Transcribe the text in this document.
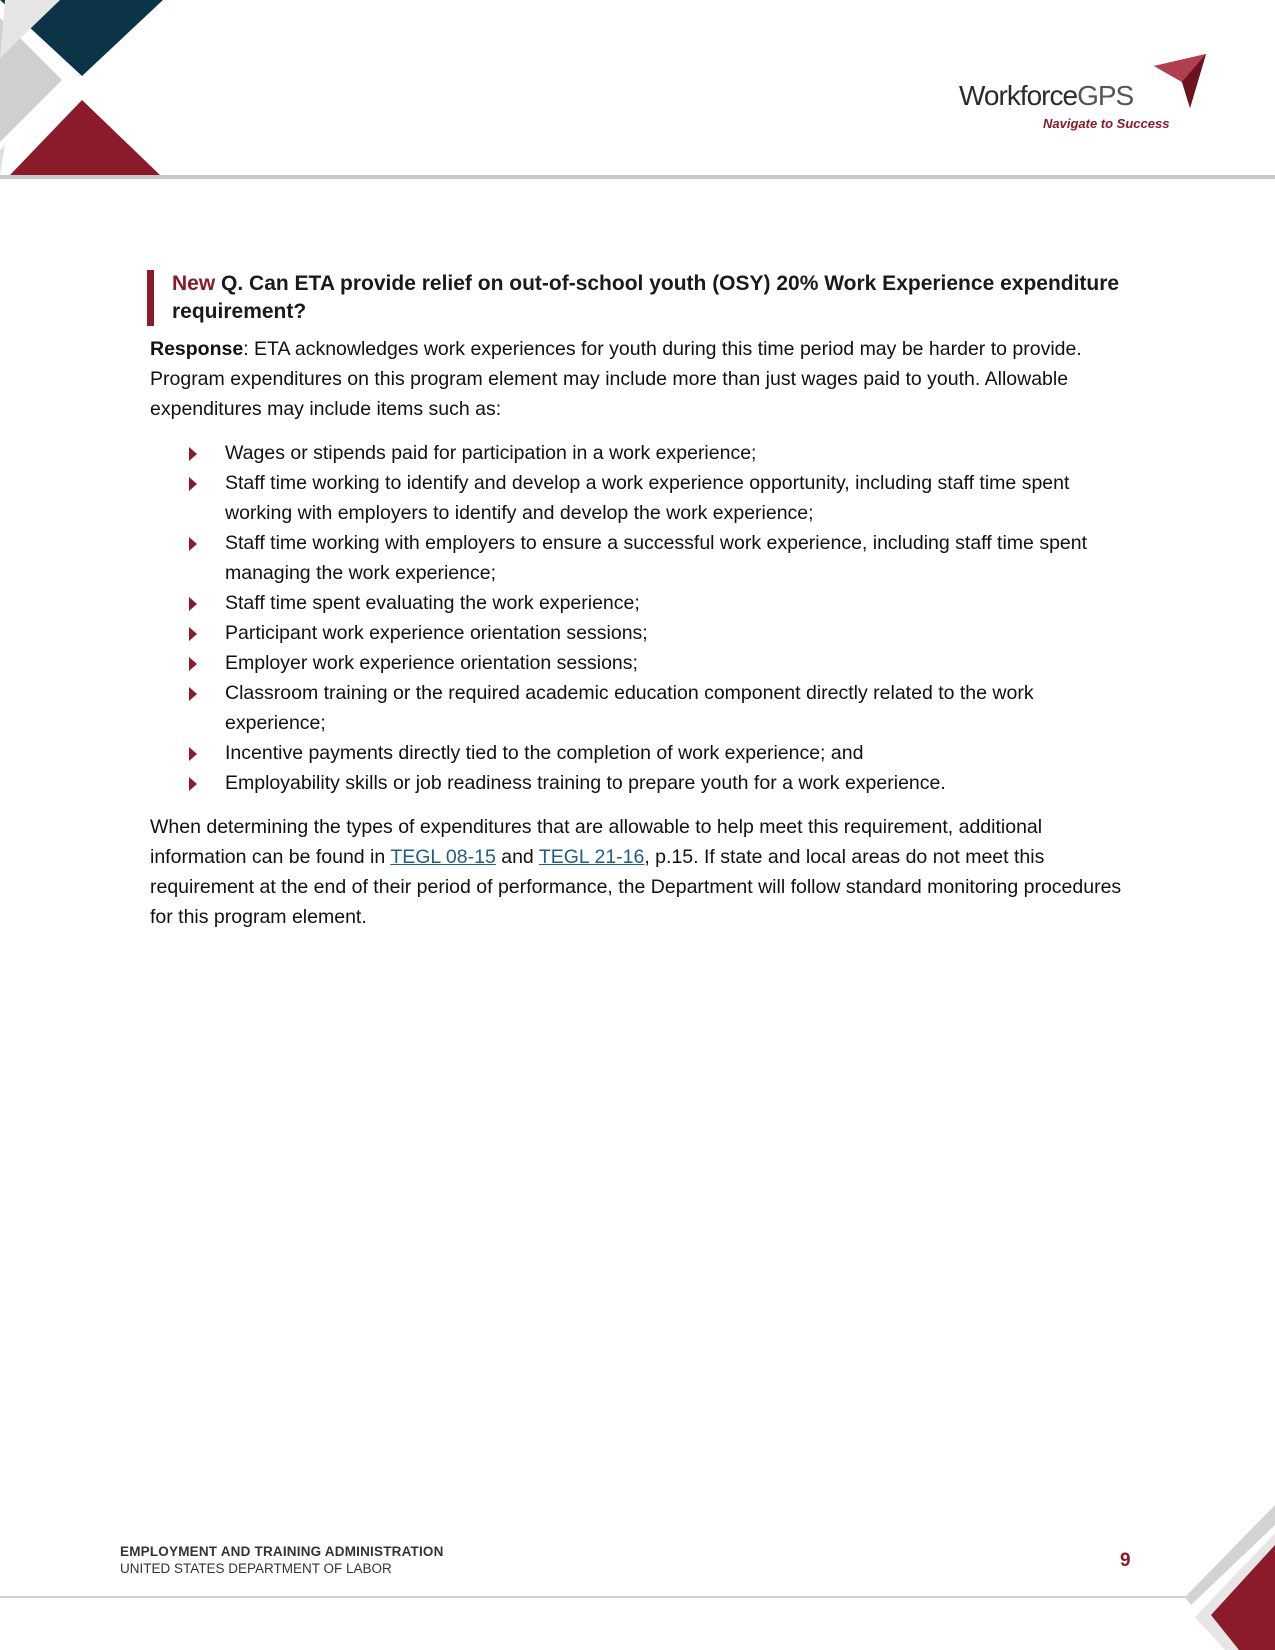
WorkforceGPS
Navigate to Success
New Q. Can ETA provide relief on out-of-school youth (OSY) 20% Work Experience expenditure requirement?

Response: ETA acknowledges work experiences for youth during this time period may be harder to provide. Program expenditures on this program element may include more than just wages paid to youth. Allowable expenditures may include items such as:

Wages or stipends paid for participation in a work experience;
Staff time working to identify and develop a work experience opportunity, including staff time spent working with employers to identify and develop the work experience;
Staff time working with employers to ensure a successful work experience, including staff time spent managing the work experience;
Staff time spent evaluating the work experience;
Participant work experience orientation sessions;
Employer work experience orientation sessions;
Classroom training or the required academic education component directly related to the work experience;
Incentive payments directly tied to the completion of work experience; and
Employability skills or job readiness training to prepare youth for a work experience.

When determining the types of expenditures that are allowable to help meet this requirement, additional information can be found in TEGL 08-15 and TEGL 21-16, p.15. If state and local areas do not meet this requirement at the end of their period of performance, the Department will follow standard monitoring procedures for this program element.

EMPLOYMENT AND TRAINING ADMINISTRATION
UNITED STATES DEPARTMENT OF LABOR	9
